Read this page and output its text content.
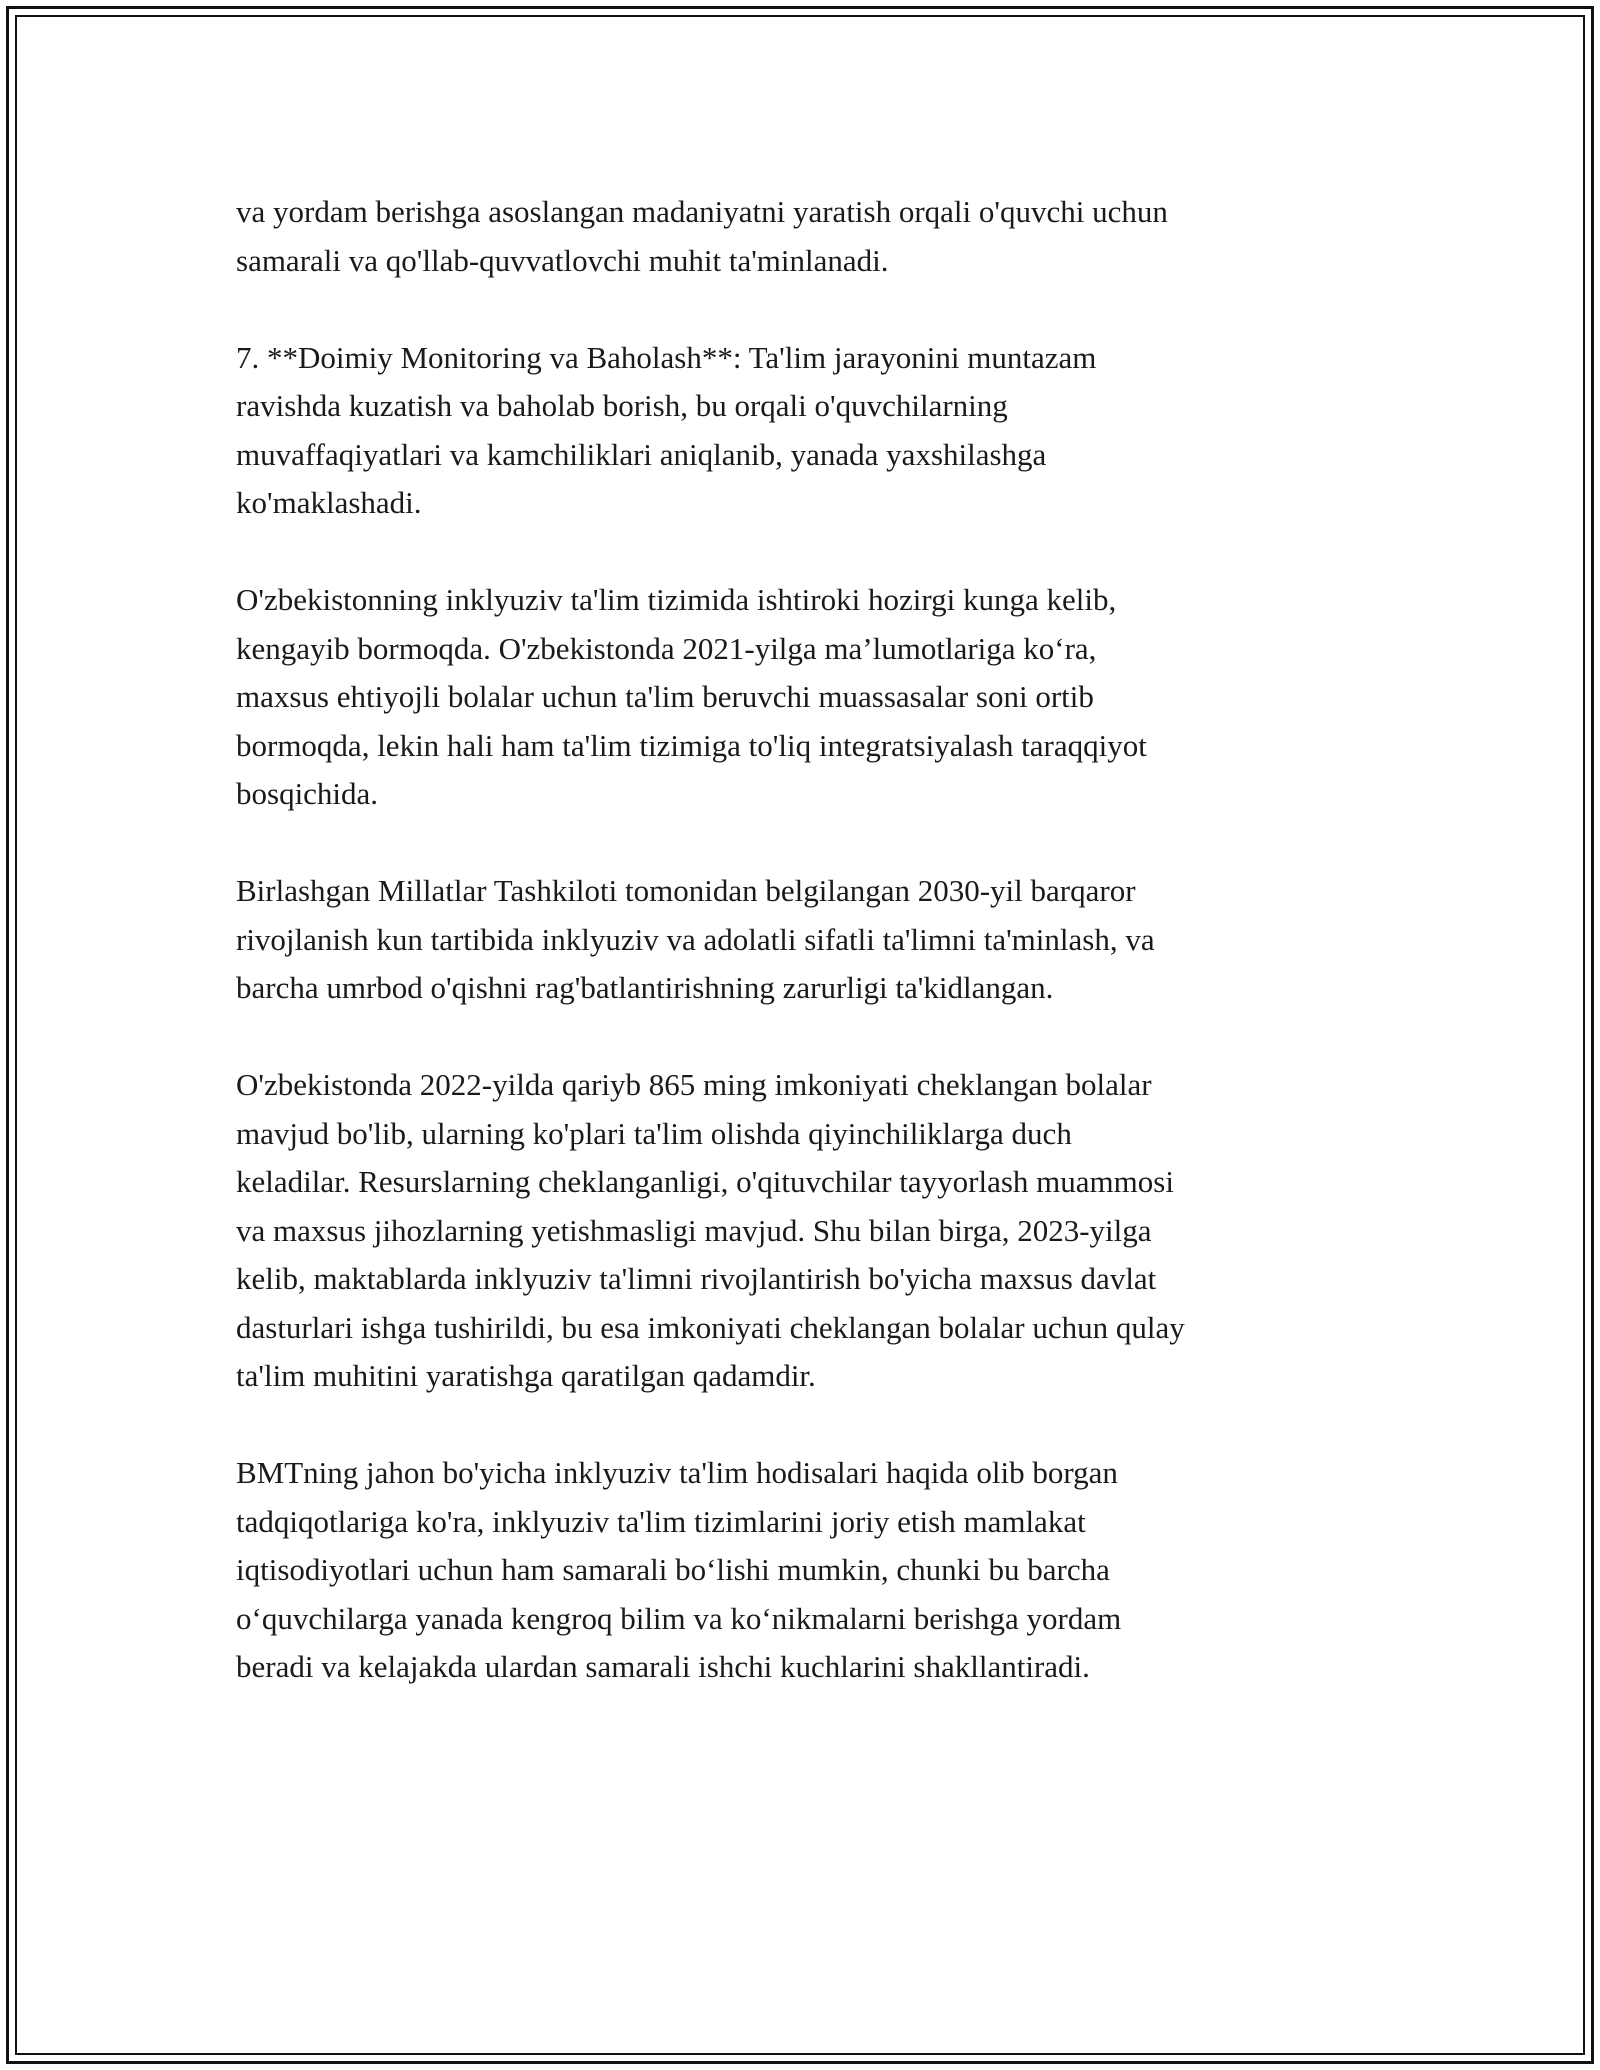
va yordam berishga asoslangan madaniyatni yaratish orqali o'quvchi uchun
samarali va qo'llab-quvvatlovchi muhit ta'minlanadi.

7. **Doimiy Monitoring va Baholash**: Ta'lim jarayonini muntazam
ravishda kuzatish va baholab borish, bu orqali o'quvchilarning
muvaffaqiyatlari va kamchiliklari aniqlanib, yanada yaxshilashga
ko'maklashadi.

O'zbekistonning inklyuziv ta'lim tizimida ishtiroki hozirgi kunga kelib,
kengayib bormoqda. O'zbekistonda 2021-yilga ma’lumotlariga ko‘ra,
maxsus ehtiyojli bolalar uchun ta'lim beruvchi muassasalar soni ortib
bormoqda, lekin hali ham ta'lim tizimiga to'liq integratsiyalash taraqqiyot
bosqichida.

Birlashgan Millatlar Tashkiloti tomonidan belgilangan 2030-yil barqaror
rivojlanish kun tartibida inklyuziv va adolatli sifatli ta'limni ta'minlash, va
barcha umrbod o'qishni rag'batlantirishning zarurligi ta'kidlangan.

O'zbekistonda 2022-yilda qariyb 865 ming imkoniyati cheklangan bolalar
mavjud bo'lib, ularning ko'plari ta'lim olishda qiyinchiliklarga duch
keladilar. Resurslarning cheklanganligi, o'qituvchilar tayyorlash muammosi
va maxsus jihozlarning yetishmasligi mavjud. Shu bilan birga, 2023-yilga
kelib, maktablarda inklyuziv ta'limni rivojlantirish bo'yicha maxsus davlat
dasturlari ishga tushirildi, bu esa imkoniyati cheklangan bolalar uchun qulay
ta'lim muhitini yaratishga qaratilgan qadamdir.

BMTning jahon bo'yicha inklyuziv ta'lim hodisalari haqida olib borgan
tadqiqotlariga ko'ra, inklyuziv ta'lim tizimlarini joriy etish mamlakat
iqtisodiyotlari uchun ham samarali bo‘lishi mumkin, chunki bu barcha
o‘quvchilarga yanada kengroq bilim va ko‘nikmalarni berishga yordam
beradi va kelajakda ulardan samarali ishchi kuchlarini shakllantiradi.
